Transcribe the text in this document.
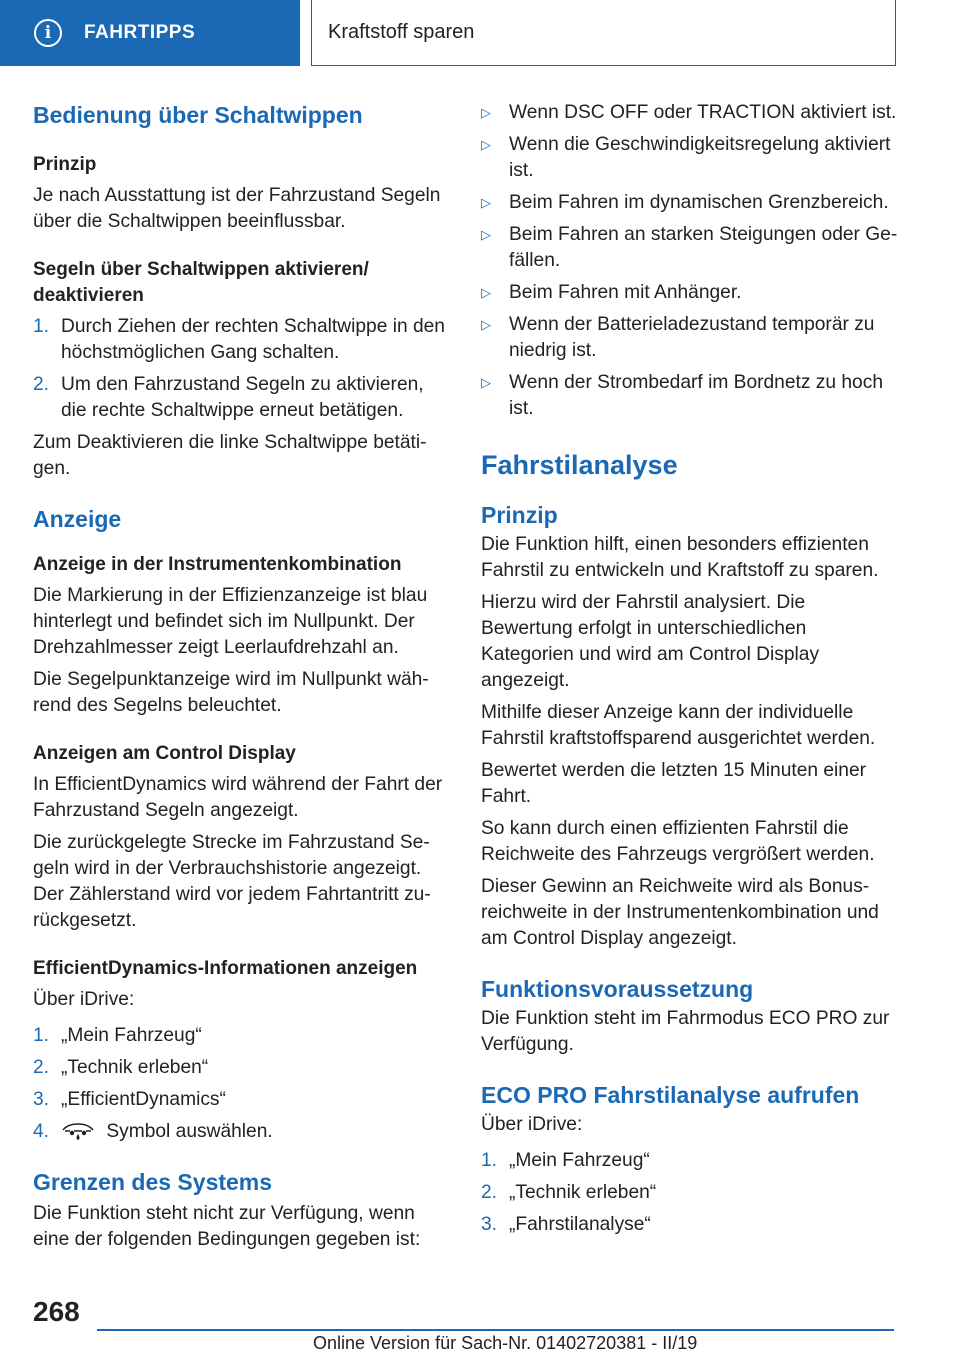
i	FAHRTIPPS	Kraftstoff sparen
Bedienung über Schaltwippen
Prinzip

Je nach Ausstattung ist der Fahrzustand Segeln über die Schaltwippen beeinflussbar.

Segeln über Schaltwippen aktivieren/ deaktivieren
1. Durch Ziehen der rechten Schaltwippe in den höchstmöglichen Gang schalten.
2. Um den Fahrzustand Segeln zu aktivieren, die rechte Schaltwippe erneut betätigen.

Zum Deaktivieren die linke Schaltwippe betäti-gen.

Anzeige
Anzeige in der Instrumentenkombination

Die Markierung in der Effizienzanzeige ist blau hinterlegt und befindet sich im Nullpunkt. Der Drehzahlmesser zeigt Leerlaufdrehzahl an.

Die Segelpunktanzeige wird im Nullpunkt wäh-rend des Segelns beleuchtet.

Anzeigen am Control Display

In EfficientDynamics wird während der Fahrt der Fahrzustand Segeln angezeigt.

Die zurückgelegte Strecke im Fahrzustand Se-geln wird in der Verbrauchshistorie angezeigt. Der Zählerstand wird vor jedem Fahrtantritt zu-rückgesetzt.

EfficientDynamics-Informationen anzeigen

Über iDrive:

1. „Mein Fahrzeug“
2. „Technik erleben“
3. „EfficientDynamics“
4.	Symbol auswählen.
Grenzen des Systems

Die Funktion steht nicht zur Verfügung, wenn eine der folgenden Bedingungen gegeben ist:

▷ Wenn DSC OFF oder TRACTION aktiviert ist.
▷ Wenn die Geschwindigkeitsregelung aktiviert ist.
▷ Beim Fahren im dynamischen Grenzbereich.
▷ Beim Fahren an starken Steigungen oder Ge-fällen.
▷ Beim Fahren mit Anhänger.
▷ Wenn der Batterieladezustand temporär zu niedrig ist.
▷ Wenn der Strombedarf im Bordnetz zu hoch ist.
Fahrstilanalyse
Prinzip

Die Funktion hilft, einen besonders effizienten Fahrstil zu entwickeln und Kraftstoff zu sparen.

Hierzu wird der Fahrstil analysiert. Die Bewertung erfolgt in unterschiedlichen Kategorien und wird am Control Display angezeigt.

Mithilfe dieser Anzeige kann der individuelle Fahrstil kraftstoffsparend ausgerichtet werden.

Bewertet werden die letzten 15 Minuten einer Fahrt.

So kann durch einen effizienten Fahrstil die Reichweite des Fahrzeugs vergrößert werden.

Dieser Gewinn an Reichweite wird als Bonus-reichweite in der Instrumentenkombination und am Control Display angezeigt.

Funktionsvoraussetzung

Die Funktion steht im Fahrmodus ECO PRO zur Verfügung.

ECO PRO Fahrstilanalyse aufrufen

Über iDrive:

1. „Mein Fahrzeug“
2. „Technik erleben“
3. „Fahrstilanalyse“
268
Online Version für Sach-Nr. 01402720381 - II/19
